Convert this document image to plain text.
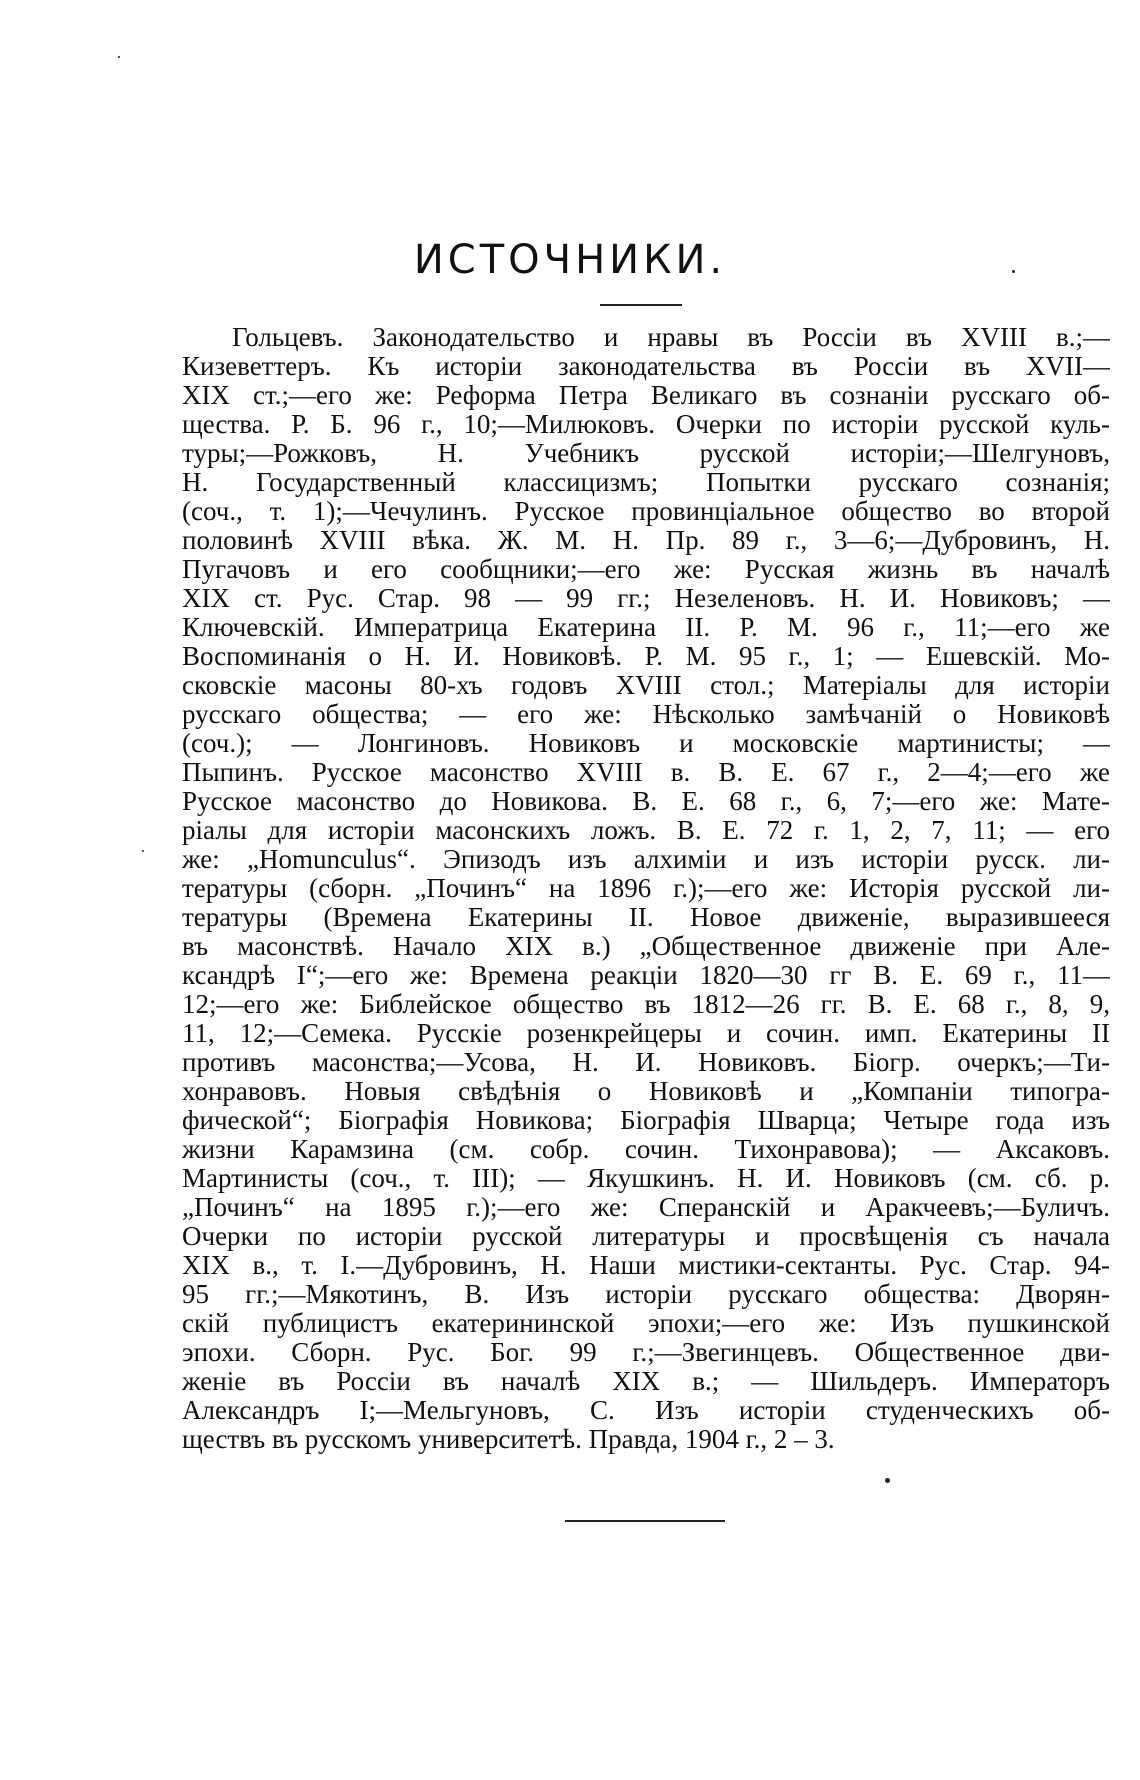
ИСТОЧНИКИ.
Гольцевъ. Законодательство и нравы въ Россіи въ XVIII в.;—
Кизеветтеръ. Къ исторіи законодательства въ Россіи въ XVII—
XIX ст.;—его же: Реформа Петра Великаго въ сознаніи русскаго об-
щества. Р. Б. 96 г., 10;—Милюковъ. Очерки по исторіи русской куль-
туры;—Рожковъ, Н. Учебникъ русской исторіи;—Шелгуновъ,
Н. Государственный классицизмъ; Попытки русскаго сознанія;
(соч., т. 1);—Чечулинъ. Русское провинціальное общество во второй
половинѣ XVIII вѣка. Ж. М. Н. Пр. 89 г., 3—6;—Дубровинъ, Н.
Пугачовъ и его сообщники;—его же: Русская жизнь въ началѣ
XIX ст. Рус. Стар. 98 — 99 гг.; Незеленовъ. Н. И. Новиковъ; —
Ключевскій. Императрица Екатерина II. Р. М. 96 г., 11;—его же
Воспоминанія о Н. И. Новиковѣ. Р. М. 95 г., 1; — Ешевскій. Мо-
сковскіе масоны 80-хъ годовъ XVIII стол.; Матеріалы для исторіи
русскаго общества; — его же: Нѣсколько замѣчаній о Новиковѣ
(соч.); — Лонгиновъ. Новиковъ и московскіе мартинисты; —
Пыпинъ. Русское масонство XVIII в. В. Е. 67 г., 2—4;—его же
Русское масонство до Новикова. В. Е. 68 г., 6, 7;—его же: Мате-
ріалы для исторіи масонскихъ ложъ. В. Е. 72 г. 1, 2, 7, 11; — его
же: „Homunculus“. Эпизодъ изъ алхиміи и изъ исторіи русск. ли-
тературы (сборн. „Починъ“ на 1896 г.);—его же: Исторія русской ли-
тературы (Времена Екатерины II. Новое движеніе, выразившееся
въ масонствѣ. Начало XIX в.) „Общественное движеніе при Але-
ксандрѣ I“;—его же: Времена реакціи 1820—30 гг В. Е. 69 г., 11—
12;—его же: Библейское общество въ 1812—26 гг. В. Е. 68 г., 8, 9,
11, 12;—Семека. Русскіе розенкрейцеры и сочин. имп. Екатерины II
противъ масонства;—Усова, Н. И. Новиковъ. Біогр. очеркъ;—Ти-
хонравовъ. Новыя свѣдѣнія о Новиковѣ и „Компаніи типогра-
фической“; Біографія Новикова; Біографія Шварца; Четыре года изъ
жизни Карамзина (см. собр. сочин. Тихонравова); — Аксаковъ.
Мартинисты (соч., т. III); — Якушкинъ. Н. И. Новиковъ (см. сб. р.
„Починъ“ на 1895 г.);—его же: Сперанскій и Аракчеевъ;—Буличъ.
Очерки по исторіи русской литературы и просвѣщенія съ начала
XIX в., т. I.—Дубровинъ, Н. Наши мистики-сектанты. Рус. Стар. 94-
95 гг.;—Мякотинъ, В. Изъ исторіи русскаго общества: Дворян-
скій публицистъ екатерининской эпохи;—его же: Изъ пушкинской
эпохи. Сборн. Рус. Бог. 99 г.;—Звегинцевъ. Общественное дви-
женіе въ Россіи въ началѣ XIX в.; — Шильдеръ. Императоръ
Александръ I;—Мельгуновъ, С. Изъ исторіи студенческихъ об-
ществъ въ русскомъ университетѣ. Правда, 1904 г., 2 – 3.
